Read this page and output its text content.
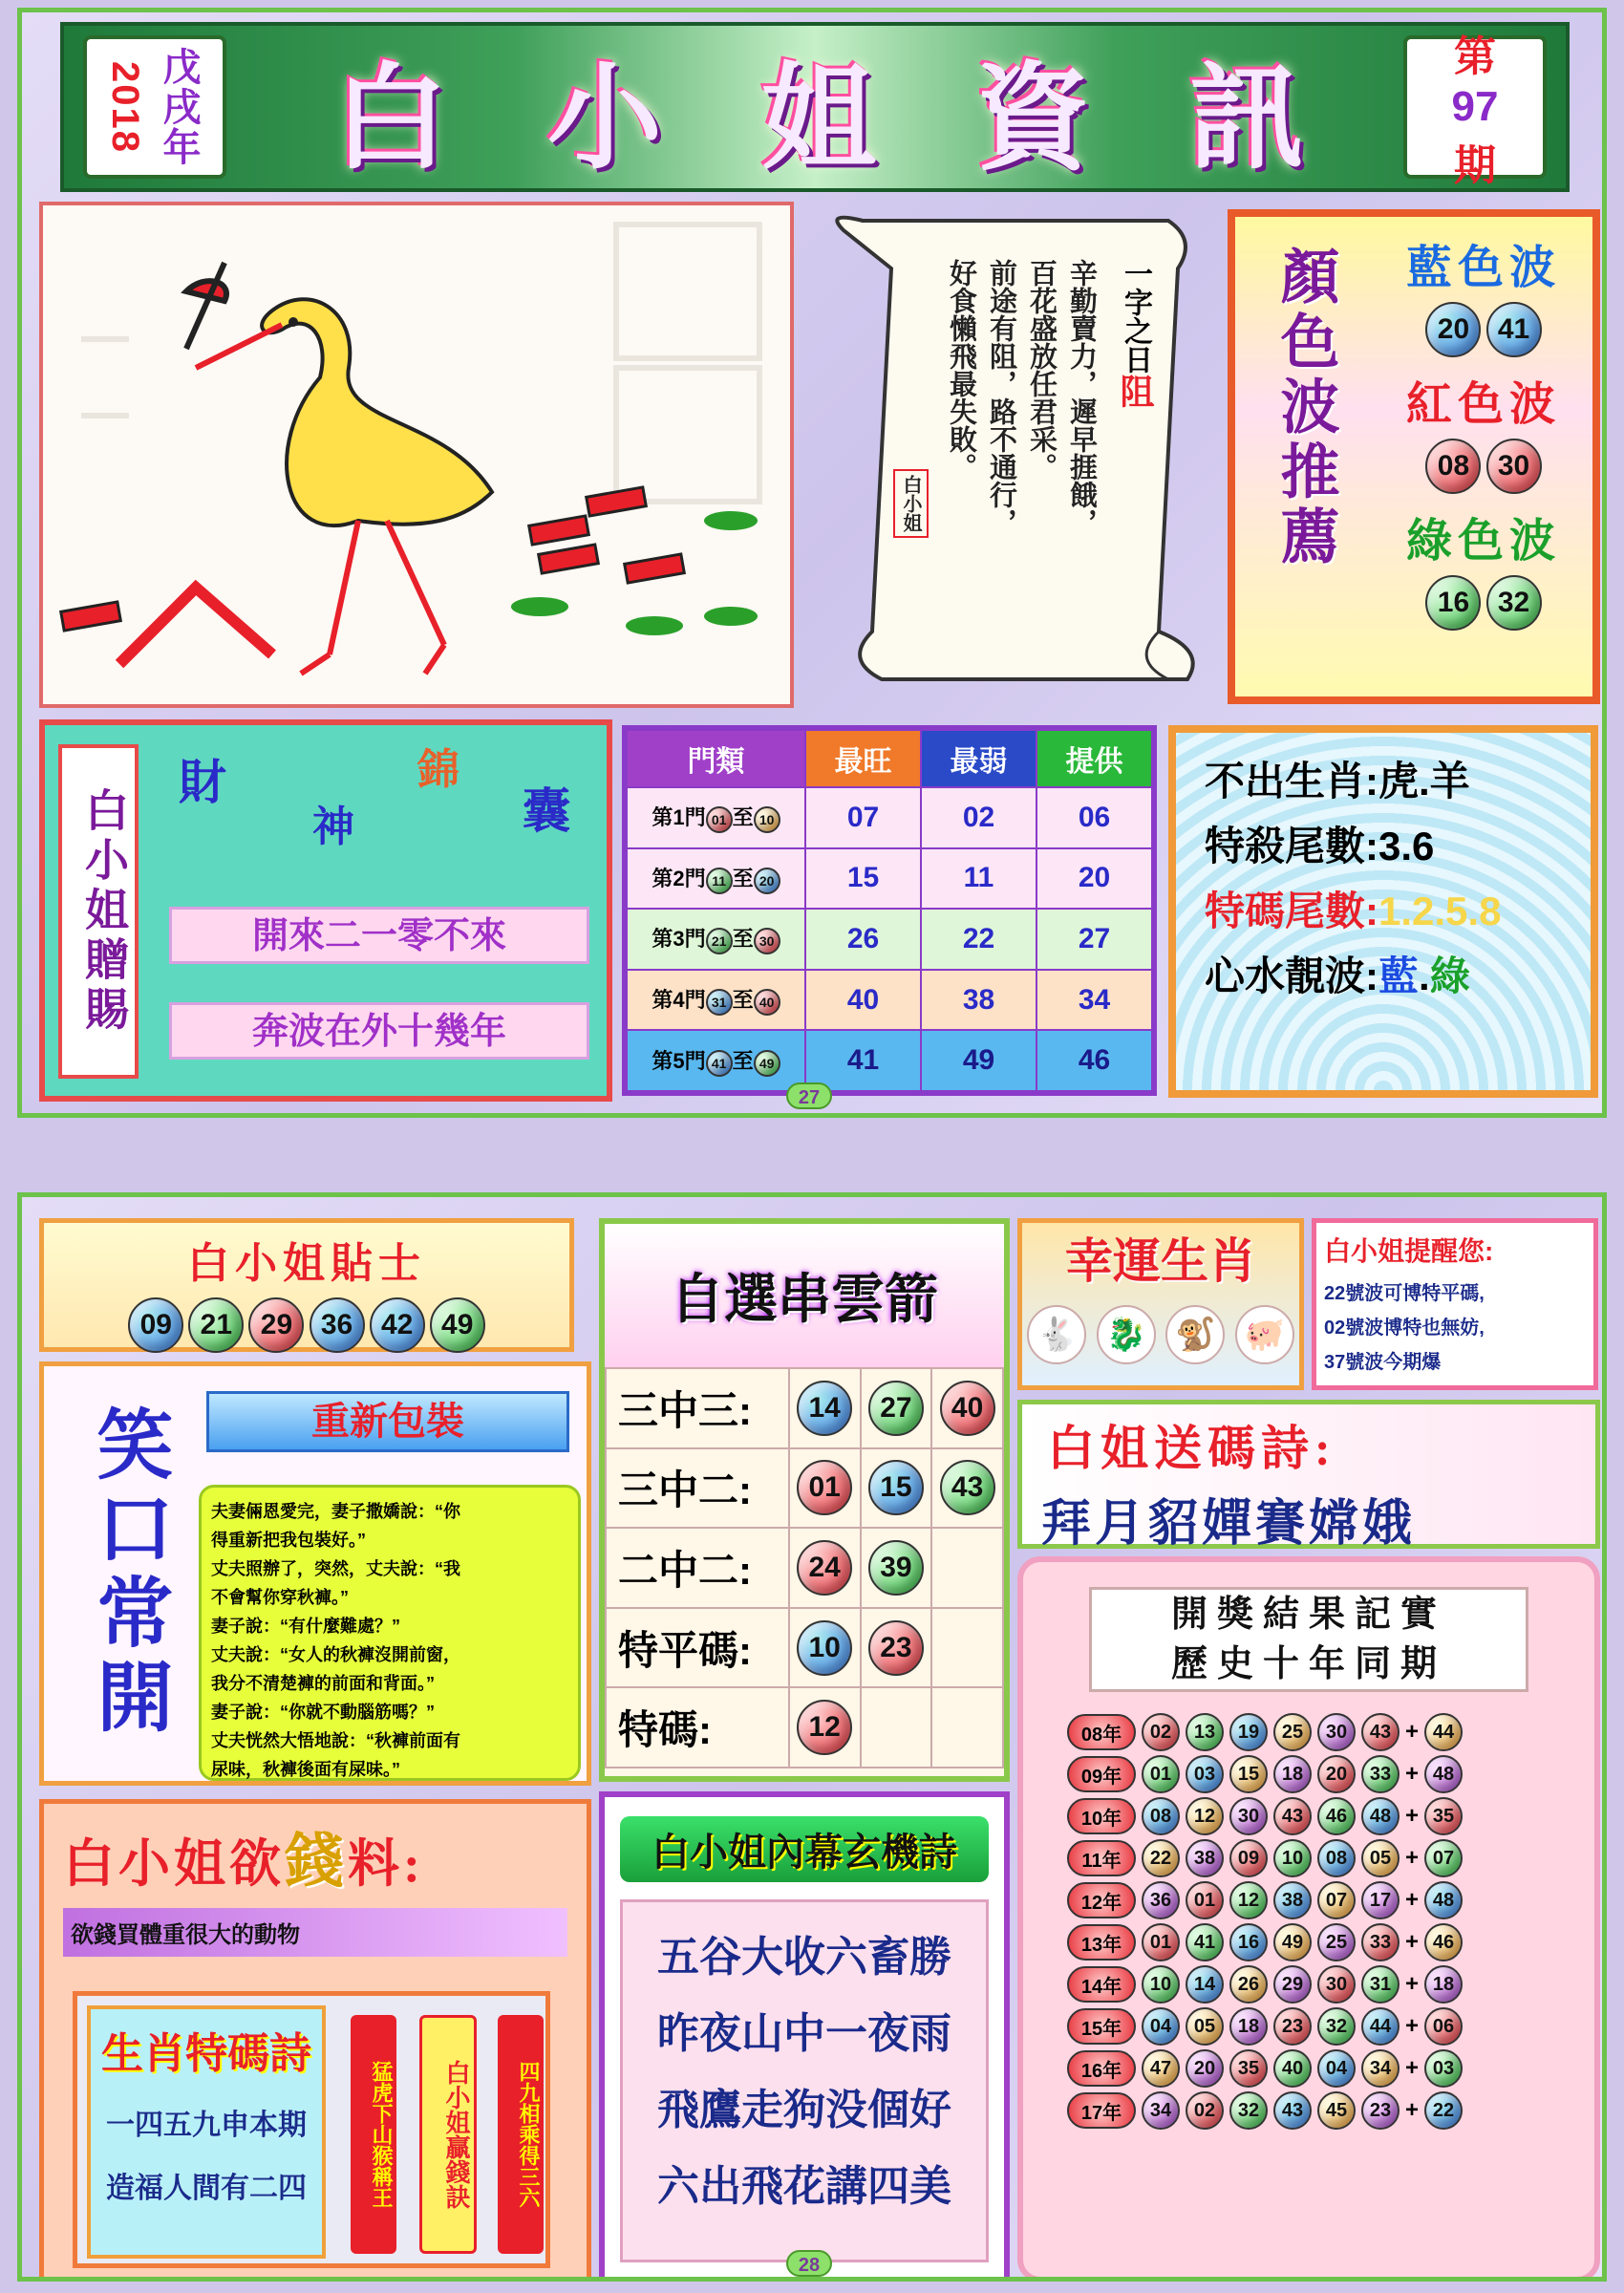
2018 戊戌年 白 小 姐 資 訊	第
97
期
一字之日阻
辛勤賣力，遲早捱餓，
百花盛放任君采。
前途有阻，路不通行，
好食懶飛最失敗。
白小姐	顏色波推薦	藍色波
20 41
紅色波
08 30
綠色波
16 32
白小姐贈賜
財
神
錦
囊
開來二一零不來
奔波在外十幾年
門類	最旺	最弱	提供
第1門 01 至 10	07	02	06
第2門 11 至 20	15	11	20
第3門 21 至 30	26	22	27
第4門 31 至 40	40	38	34
第5門 41 至 49	41	49	46
不出生肖:虎.羊
特殺尾數:3.6
特碼尾數:1.2.5.8
心水靚波:藍.綠
27
白小姐貼士
09 21 29 36 42 49
笑口常開	重新包裝
夫妻倆恩愛完，妻子撒嬌說：“你
得重新把我包裝好。”
丈夫照辦了，突然，丈夫說：“我
不會幫你穿秋褲。”
妻子說：“有什麼難處？”
丈夫說：“女人的秋褲沒開前窗，
我分不清楚褲的前面和背面。”
妻子說：“你就不動腦筋嗎？”
丈夫恍然大悟地說：“秋褲前面有
尿味，秋褲後面有屎味。”
自選串雲箭
三中三:	14	27	40
三中二:	01	15	43
二中二:	24	39	
特平碼:	10	23	
特碼:	12		
幸運生肖
🐇 🐉 🐒 🐖
白小姐提醒您:
22號波可博特平碼,
02號波博特也無妨,
37號波今期爆
白姐送碼詩:
拜月貂嬋賽嫦娥
開獎結果記實
歷史十年同期
08年	02	13	19	25	30	43 + 44
09年	01	03	15	18	20	33 + 48
10年	08	12	30	43	46	48 + 35
11年	22	38	09	10	08	05 + 07
12年	36	01	12	38	07	17 + 48
13年	01	41	16	49	25	33 + 46
14年	10	14	26	29	30	31 + 18
15年	04	05	18	23	32	44 + 06
16年	47	20	35	40	04	34 + 03
17年	34	02	32	43	45	23 + 22
白小姐欲錢料:
欲錢買體重很大的動物
生肖特碼詩
一四五九申本期
造福人間有二四	猛虎下山猴稱王	白小姐贏錢訣	四九相乘得三六
白小姐內幕玄機詩
五谷大收六畜勝
昨夜山中一夜雨
飛鷹走狗没個好
六出飛花講四美
28
